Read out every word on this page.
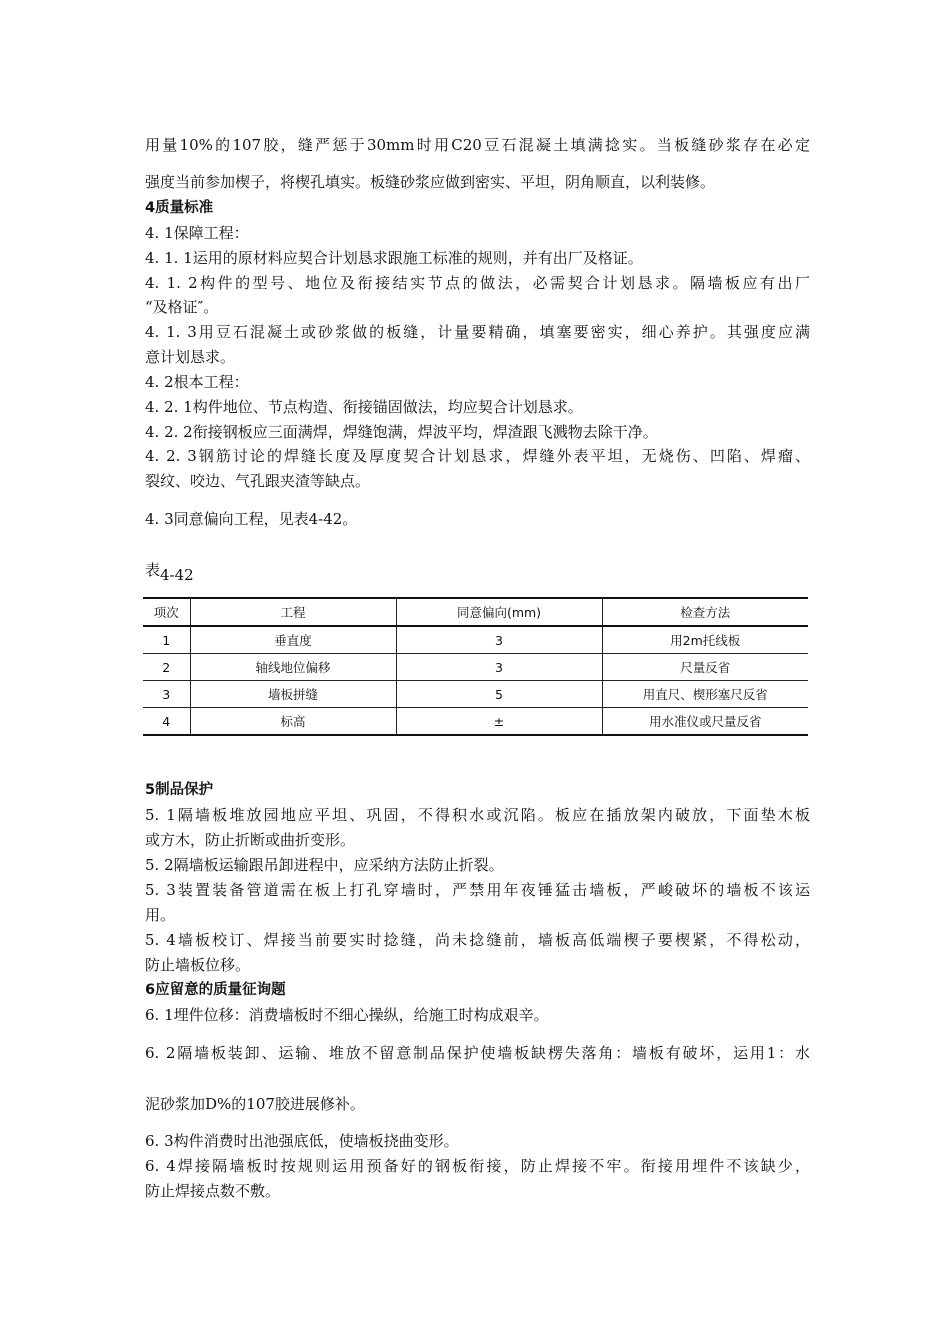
用量10%的107胶，缝严惩于30mm时用C20豆石混凝土填满捻实。当板缝砂浆存在必定
强度当前参加楔子，将楔孔填实。板缝砂浆应做到密实、平坦，阴角顺直，以利装修。
4质量标准
4. 1保障工程：
4. 1. 1运用的原材料应契合计划恳求跟施工标准的规则，并有出厂及格证。
4. 1. 2构件的型号、地位及衔接结实节点的做法，必需契合计划恳求。隔墙板应有出厂
“及格证″。
4. 1. 3用豆石混凝土或砂浆做的板缝，计量要精确，填塞要密实，细心养护。其强度应满
意计划恳求。
4. 2根本工程：
4. 2. 1构件地位、节点构造、衔接锚固做法，均应契合计划恳求。
4. 2. 2衔接钢板应三面满焊，焊缝饱满，焊波平均，焊渣跟飞溅物去除干净。
4. 2. 3钢筋讨论的焊缝长度及厚度契合计划恳求，焊缝外表平坦，无烧伤、凹陷、焊瘤、
裂纹、咬边、气孔跟夹渣等缺点。
4. 3同意偏向工程，见表4-42。
表4-42
项次	工程	同意偏向(mm)	检查方法
1	垂直度	3	用2m托线板
2	轴线地位偏移	3	尺量反省
3	墙板拼缝	5	用直尺、楔形塞尺反省
4	标高	±	用水准仪或尺量反省
5制品保护
5. 1隔墙板堆放园地应平坦、巩固，不得积水或沉陷。板应在插放架内破放，下面垫木板
或方木，防止折断或曲折变形。
5. 2隔墙板运输跟吊卸进程中，应采纳方法防止折裂。
5. 3装置装备管道需在板上打孔穿墙时，严禁用年夜锤猛击墙板，严峻破坏的墙板不该运
用。
5. 4墙板校订、焊接当前要实时捻缝，尚未捻缝前，墙板高低端楔子要楔紧，不得松动，
防止墙板位移。
6应留意的质量征询题
6. 1埋件位移：消费墙板时不细心操纵，给施工时构成艰辛。
6. 2隔墙板装卸、运输、堆放不留意制品保护使墙板缺楞失落角：墙板有破坏，运用1：水
泥砂浆加D%的107胶进展修补。
6. 3构件消费时出池强底低，使墙板挠曲变形。
6. 4焊接隔墙板时按规则运用预备好的钢板衔接，防止焊接不牢。衔接用埋件不该缺少，
防止焊接点数不敷。
